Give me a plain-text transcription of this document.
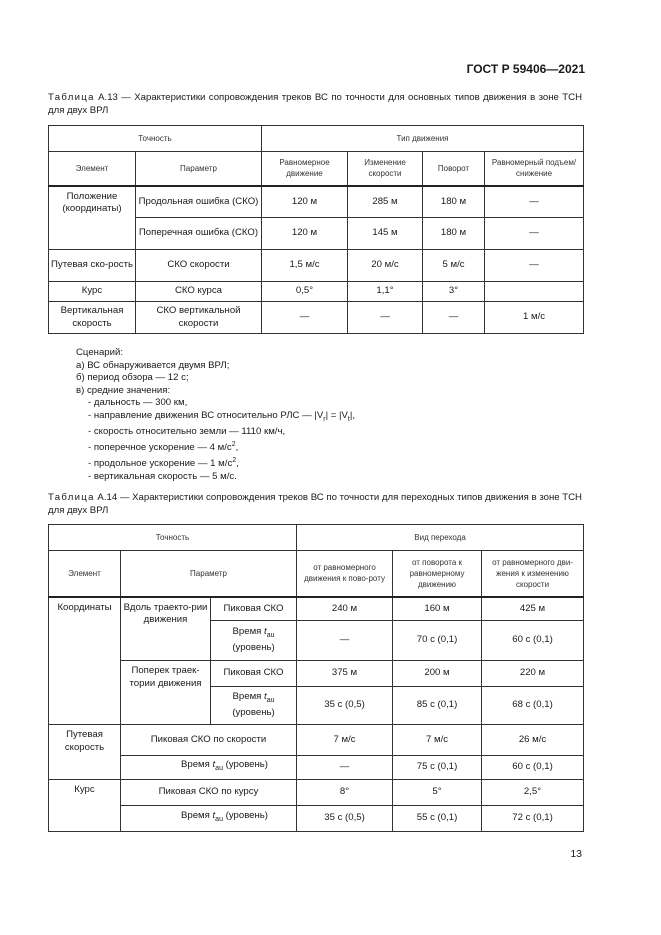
ГОСТ Р 59406—2021
Таблица А.13 — Характеристики сопровождения треков ВС по точности для основных типов движения в зоне ТСН для двух ВРЛ
Точность		Тип движения			
Элемент	Параметр	Равномерное движение	Изменение скорости	Поворот	Равномерный подъем/снижение
Положение (координаты)	Продольная ошибка (СКО)	120 м	285 м	180 м	—
	Поперечная ошибка (СКО)	120 м	145 м	180 м	—
Путевая ско-рость	СКО скорости	1,5 м/с	20 м/с	5 м/с	—
Курс	СКО курса	0,5°	1,1°	3°	
Вертикальная скорость	СКО вертикальной скорости	—	—	—	1 м/с
Сценарий:
а) ВС обнаруживается двумя ВРЛ;
б) период обзора — 12 с;
в) средние значения:
- дальность — 300 км,
- направление движения ВС относительно РЛС — $|V_r| = |V_t|$,
- скорость относительно земли — 1110 км/ч,
- поперечное ускорение — 4 $м/с^2$,
- продольное ускорение — 1 $м/с^2$,
- вертикальная скорость — 5 м/с.
Таблица А.14 — Характеристики сопровождения треков ВС по точности для переходных типов движения в зоне ТСН для двух ВРЛ
Точность			Вид перехода		
Элемент	Параметр		от равномерного движения к пово-роту	от поворота к равномерному движению	от равномерного дви-жения к изменению скорости
Координаты	Вдоль траекто-рии движения	Пиковая СКО	240 м	160 м	425 м
		Время $t_{au}$
(уровень)	—	70 с (0,1)	60 с (0,1)
	Поперек траек-тории движения	Пиковая СКО	375 м	200 м	220 м
		Время $t_{au}$
(уровень)	35 с (0,5)	85 с (0,1)	68 с (0,1)
Путевая скорость	Пиковая СКО по скорости		7 м/с	7 м/с	26 м/с
	Время $t_{au}$ (уровень)		—	75 с (0,1)	60 с (0,1)
Курс	Пиковая СКО по курсу		8°	5°	2,5°
	Время $t_{au}$ (уровень)		35 с (0,5)	55 с (0,1)	72 с (0,1)
13
